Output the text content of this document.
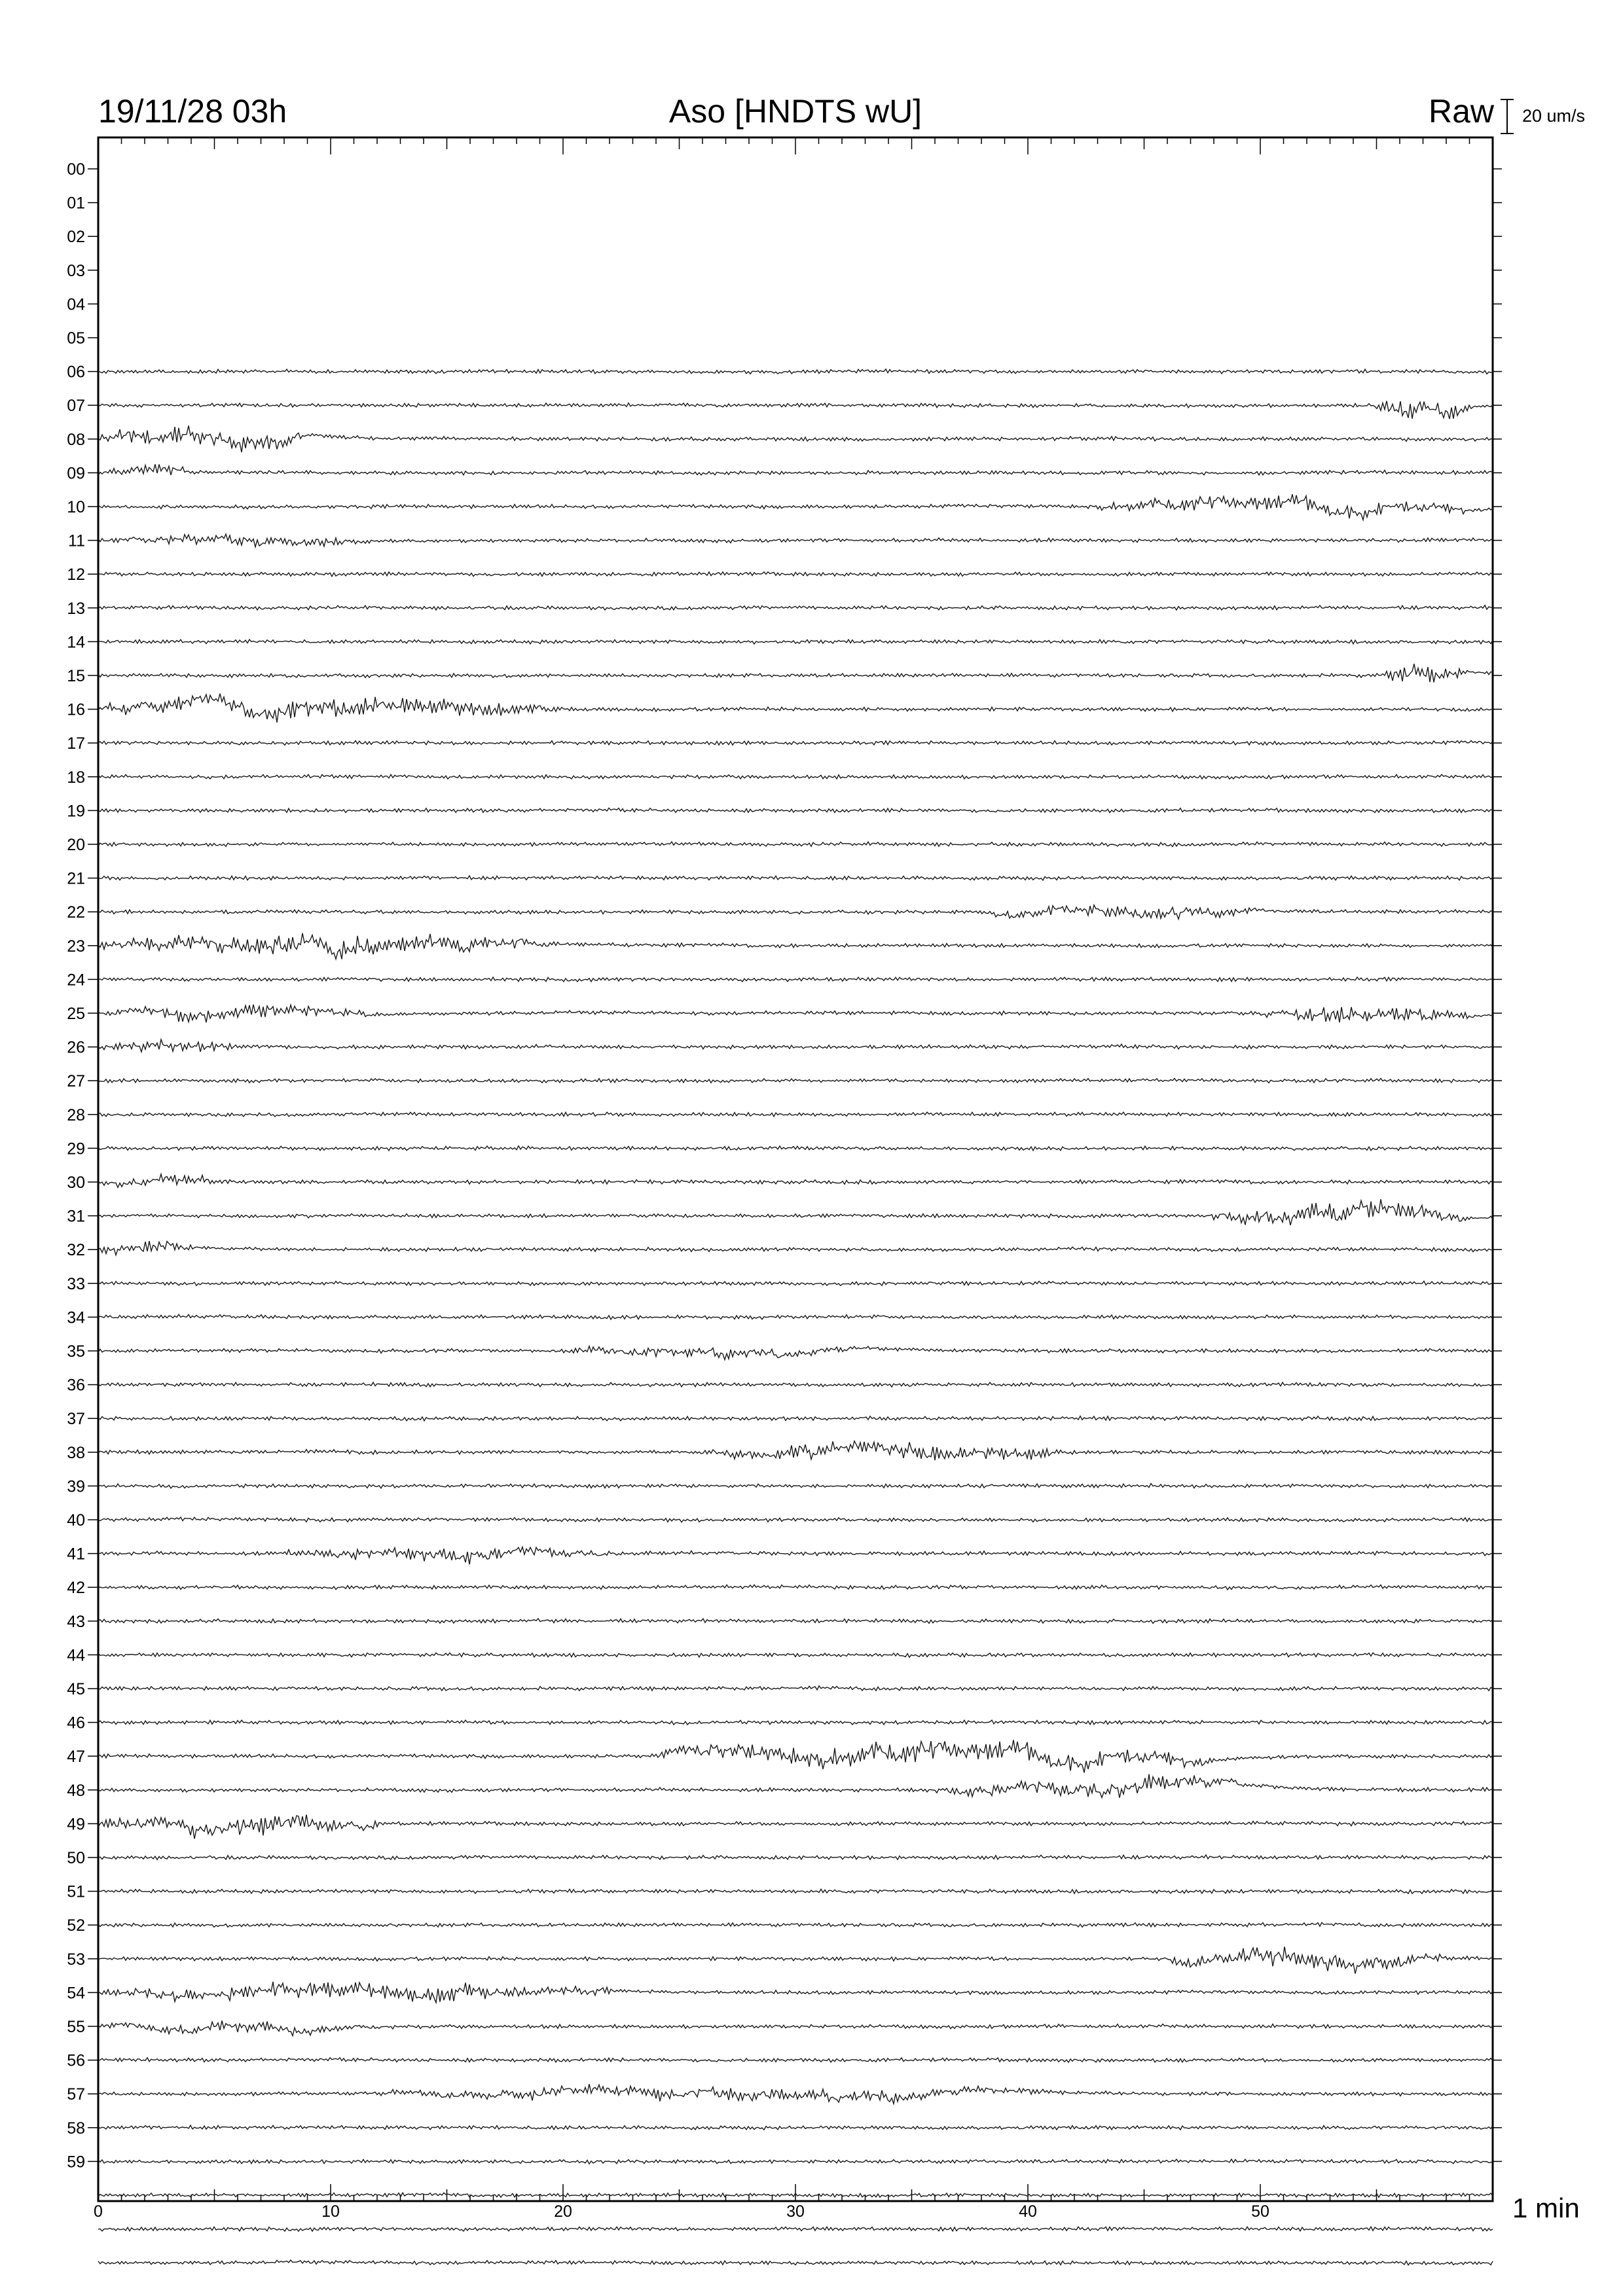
19/11/28 03h	Aso [HNDTS wU]	Raw 20 um/s
00
01
02
03
04
05
06
07
08
09
10
11
12
13
14
15
16
17
18
19
20
21
22
23
24
25
26
27
28
29
30
31
32
33
34
35
36
37
38
39
40
41
42
43
44
45
46
47
48
49
50
51
52
53
54
55
56
57
58
59
0	10	20	30	40	50	1 min
